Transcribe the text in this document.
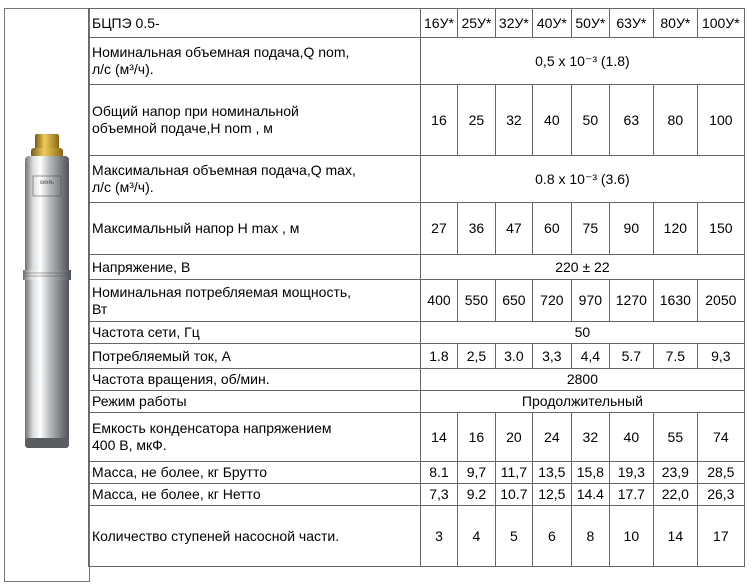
ВИХРЬ
БЦПЭ 0.5-	16У*	25У*	32У*	40У*	50У*	63У*	80У*	100У*
Номинальная объемная подача,Q nom,
л/с (м³/ч).	0,5 x 10⁻³ (1.8)							
Общий напор при номинальной
объемной подаче,H nom , м	16	25	32	40	50	63	80	100
Максимальная объемная подача,Q max,
л/с (м³/ч).	0.8 x 10⁻³ (3.6)							
Максимальный напор Н max , м	27	36	47	60	75	90	120	150
Напряжение, В	220 ± 22							
Номинальная потребляемая мощность,
Вт	400	550	650	720	970	1270	1630	2050
Частота сети, Гц	50							
Потребляемый ток, А	1.8	2,5	3.0	3,3	4,4	5.7	7.5	9,3
Частота вращения, об/мин.	2800							
Режим работы	Продолжительный							
Емкость конденсатора напряжением
400 В, мкФ.	14	16	20	24	32	40	55	74
Масса, не более, кг Брутто	8.1	9,7	11,7	13,5	15,8	19,3	23,9	28,5
Масса, не более, кг Нетто	7,3	9.2	10.7	12,5	14.4	17.7	22,0	26,3
Количество ступеней насосной части.	3	4	5	6	8	10	14	17
